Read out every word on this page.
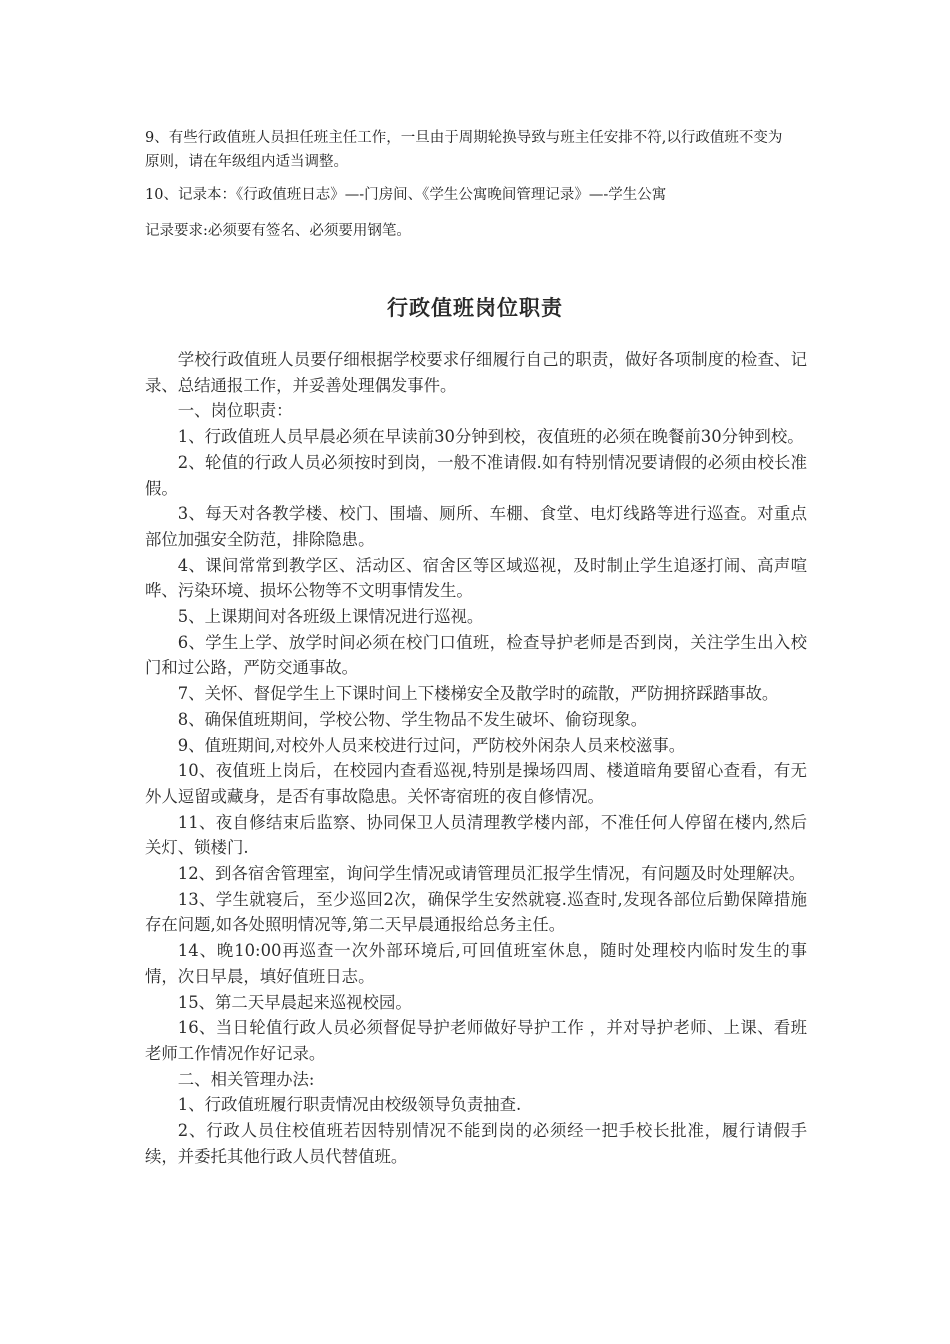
9、有些行政值班人员担任班主任工作，一旦由于周期轮换导致与班主任安排不符,以行政值班不变为原则，请在年级组内适当调整。

10、记录本：《行政值班日志》—-门房间、《学生公寓晚间管理记录》—-学生公寓

记录要求:必须要有签名、必须要用钢笔。

行政值班岗位职责

学校行政值班人员要仔细根据学校要求仔细履行自己的职责，做好各项制度的检查、记录、总结通报工作，并妥善处理偶发事件。

一、岗位职责：

1、行政值班人员早晨必须在早读前30分钟到校，夜值班的必须在晚餐前30分钟到校。

2、轮值的行政人员必须按时到岗，一般不准请假.如有特别情况要请假的必须由校长准假。

3、每天对各教学楼、校门、围墙、厕所、车棚、食堂、电灯线路等进行巡查。对重点部位加强安全防范，排除隐患。

4、课间常常到教学区、活动区、宿舍区等区域巡视，及时制止学生追逐打闹、高声喧哗、污染环境、损坏公物等不文明事情发生。

5、上课期间对各班级上课情况进行巡视。

6、学生上学、放学时间必须在校门口值班，检查导护老师是否到岗，关注学生出入校门和过公路，严防交通事故。

7、关怀、督促学生上下课时间上下楼梯安全及散学时的疏散，严防拥挤踩踏事故。

8、确保值班期间，学校公物、学生物品不发生破坏、偷窃现象。

9、值班期间,对校外人员来校进行过问，严防校外闲杂人员来校滋事。

10、夜值班上岗后，在校园内查看巡视,特别是操场四周、楼道暗角要留心查看，有无外人逗留或藏身，是否有事故隐患。关怀寄宿班的夜自修情况。

11、夜自修结束后监察、协同保卫人员清理教学楼内部，不准任何人停留在楼内,然后关灯、锁楼门.

12、到各宿舍管理室，询问学生情况或请管理员汇报学生情况，有问题及时处理解决。

13、学生就寝后，至少巡回2次，确保学生安然就寝.巡查时,发现各部位后勤保障措施存在问题,如各处照明情况等,第二天早晨通报给总务主任。

14、晚10:00再巡查一次外部环境后,可回值班室休息，随时处理校内临时发生的事情，次日早晨，填好值班日志。

15、第二天早晨起来巡视校园。

16、当日轮值行政人员必须督促导护老师做好导护工作 ，并对导护老师、上课、看班老师工作情况作好记录。

二、相关管理办法:

1、行政值班履行职责情况由校级领导负责抽查.

2、行政人员住校值班若因特别情况不能到岗的必须经一把手校长批准，履行请假手续，并委托其他行政人员代替值班。
